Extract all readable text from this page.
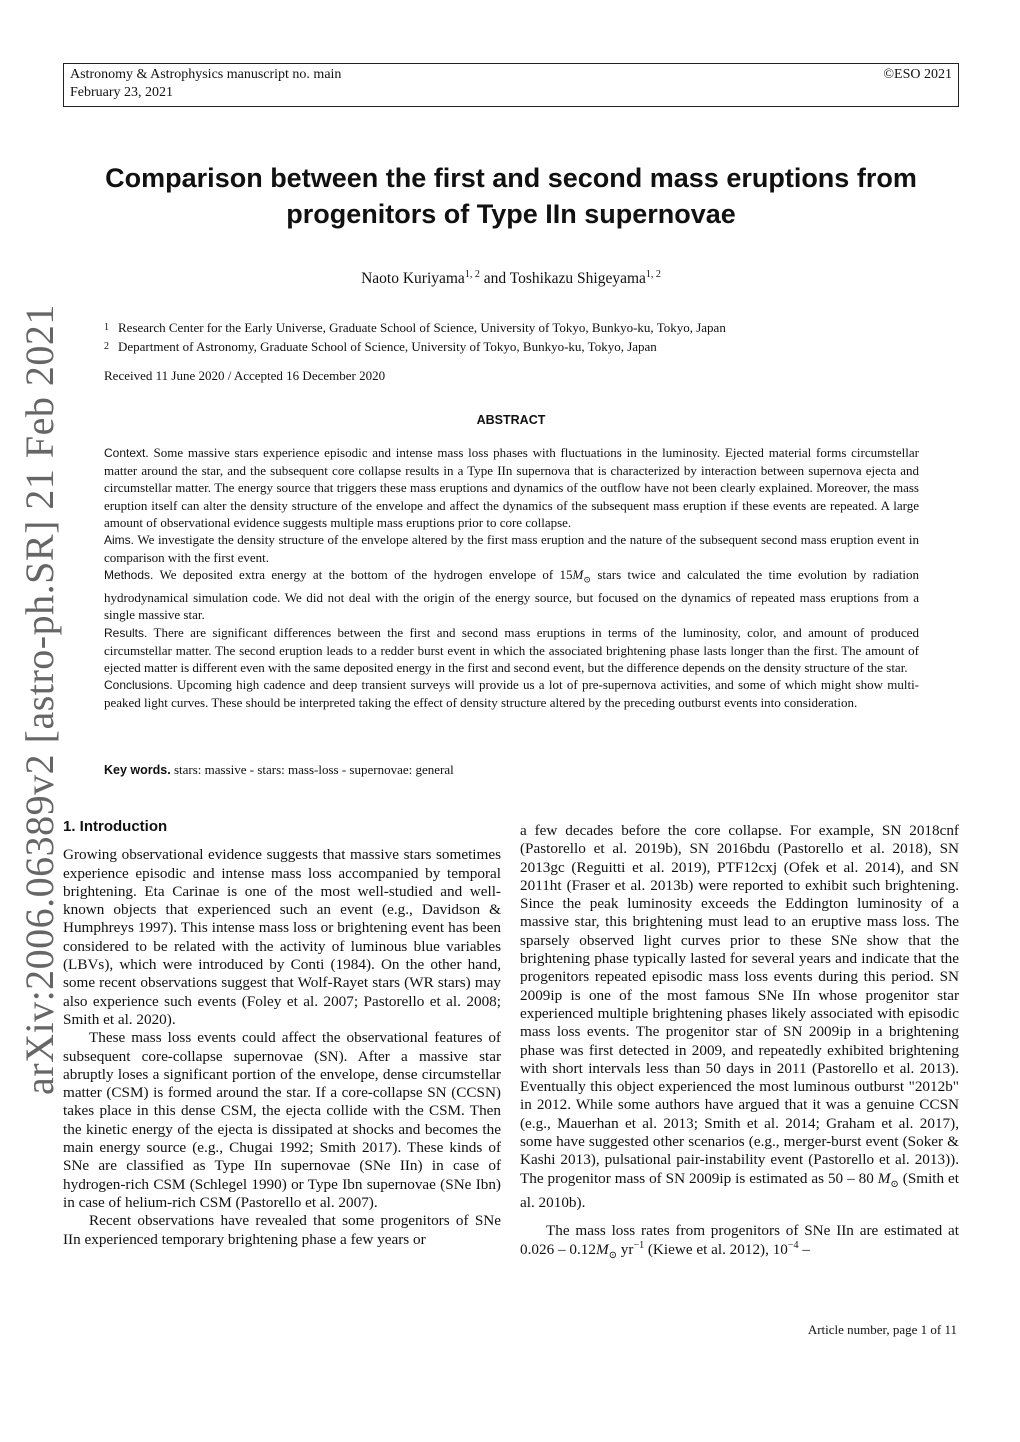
Astronomy & Astrophysics manuscript no. main
February 23, 2021
©ESO 2021
arXiv:2006.06389v2 [astro-ph.SR] 21 Feb 2021
Comparison between the first and second mass eruptions from progenitors of Type IIn supernovae
Naoto Kuriyama$^{1, 2}$ and Toshikazu Shigeyama$^{1, 2}$
1 Research Center for the Early Universe, Graduate School of Science, University of Tokyo, Bunkyo-ku, Tokyo, Japan
2 Department of Astronomy, Graduate School of Science, University of Tokyo, Bunkyo-ku, Tokyo, Japan
Received 11 June 2020 / Accepted 16 December 2020
ABSTRACT
Context. Some massive stars experience episodic and intense mass loss phases with fluctuations in the luminosity. Ejected material forms circumstellar matter around the star, and the subsequent core collapse results in a Type IIn supernova that is characterized by interaction between supernova ejecta and circumstellar matter. The energy source that triggers these mass eruptions and dynamics of the outflow have not been clearly explained. Moreover, the mass eruption itself can alter the density structure of the envelope and affect the dynamics of the subsequent mass eruption if these events are repeated. A large amount of observational evidence suggests multiple mass eruptions prior to core collapse.
Aims. We investigate the density structure of the envelope altered by the first mass eruption and the nature of the subsequent second mass eruption event in comparison with the first event.
Methods. We deposited extra energy at the bottom of the hydrogen envelope of $15M_⊙$ stars twice and calculated the time evolution by radiation hydrodynamical simulation code. We did not deal with the origin of the energy source, but focused on the dynamics of repeated mass eruptions from a single massive star.
Results. There are significant differences between the first and second mass eruptions in terms of the luminosity, color, and amount of produced circumstellar matter. The second eruption leads to a redder burst event in which the associated brightening phase lasts longer than the first. The amount of ejected matter is different even with the same deposited energy in the first and second event, but the difference depends on the density structure of the star.
Conclusions. Upcoming high cadence and deep transient surveys will provide us a lot of pre-supernova activities, and some of which might show multi-peaked light curves. These should be interpreted taking the effect of density structure altered by the preceding outburst events into consideration.
Key words. stars: massive - stars: mass-loss - supernovae: general
1. Introduction

Growing observational evidence suggests that massive stars sometimes experience episodic and intense mass loss accompanied by temporal brightening. Eta Carinae is one of the most well-studied and well-known objects that experienced such an event (e.g., Davidson & Humphreys 1997). This intense mass loss or brightening event has been considered to be related with the activity of luminous blue variables (LBVs), which were introduced by Conti (1984). On the other hand, some recent observations suggest that Wolf-Rayet stars (WR stars) may also experience such events (Foley et al. 2007; Pastorello et al. 2008; Smith et al. 2020).

These mass loss events could affect the observational features of subsequent core-collapse supernovae (SN). After a massive star abruptly loses a significant portion of the envelope, dense circumstellar matter (CSM) is formed around the star. If a core-collapse SN (CCSN) takes place in this dense CSM, the ejecta collide with the CSM. Then the kinetic energy of the ejecta is dissipated at shocks and becomes the main energy source (e.g., Chugai 1992; Smith 2017). These kinds of SNe are classified as Type IIn supernovae (SNe IIn) in case of hydrogen-rich CSM (Schlegel 1990) or Type Ibn supernovae (SNe Ibn) in case of helium-rich CSM (Pastorello et al. 2007).

Recent observations have revealed that some progenitors of SNe IIn experienced temporary brightening phase a few years or

a few decades before the core collapse. For example, SN 2018cnf (Pastorello et al. 2019b), SN 2016bdu (Pastorello et al. 2018), SN 2013gc (Reguitti et al. 2019), PTF12cxj (Ofek et al. 2014), and SN 2011ht (Fraser et al. 2013b) were reported to exhibit such brightening. Since the peak luminosity exceeds the Eddington luminosity of a massive star, this brightening must lead to an eruptive mass loss. The sparsely observed light curves prior to these SNe show that the brightening phase typically lasted for several years and indicate that the progenitors repeated episodic mass loss events during this period. SN 2009ip is one of the most famous SNe IIn whose progenitor star experienced multiple brightening phases likely associated with episodic mass loss events. The progenitor star of SN 2009ip in a brightening phase was first detected in 2009, and repeatedly exhibited brightening with short intervals less than 50 days in 2011 (Pastorello et al. 2013). Eventually this object experienced the most luminous outburst "2012b" in 2012. While some authors have argued that it was a genuine CCSN (e.g., Mauerhan et al. 2013; Smith et al. 2014; Graham et al. 2017), some have suggested other scenarios (e.g., merger-burst event (Soker & Kashi 2013), pulsational pair-instability event (Pastorello et al. 2013)). The progenitor mass of SN 2009ip is estimated as 50 – 80 $M_⊙$ (Smith et al. 2010b).

The mass loss rates from progenitors of SNe IIn are estimated at $0.026 - 0.12M_⊙$ $yr^{-1}$ (Kiewe et al. 2012), $10^{-4}$ –

Article number, page 1 of 11
